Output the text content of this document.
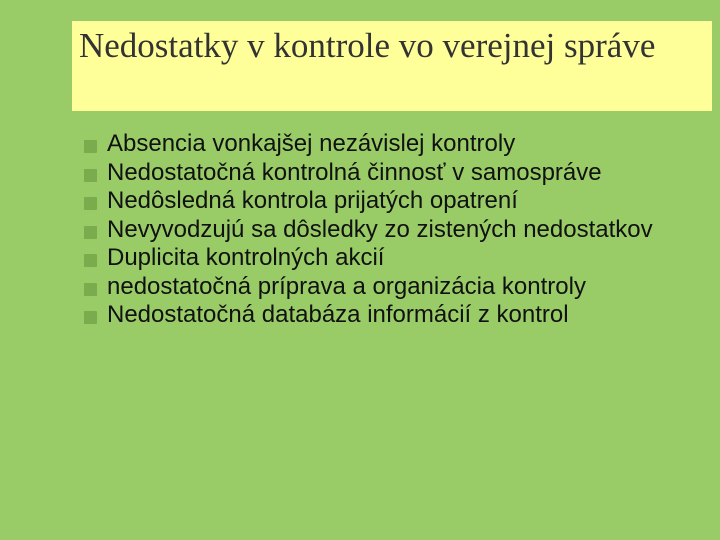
Nedostatky v kontrole vo verejnej správe
Absencia vonkajšej nezávislej kontroly
Nedostatočná kontrolná činnosť v samospráve
Nedôsledná kontrola prijatých opatrení
Nevyvodzujú sa dôsledky zo zistených nedostatkov
Duplicita kontrolných akcií
nedostatočná príprava a organizácia kontroly
Nedostatočná databáza informácií z kontrol
